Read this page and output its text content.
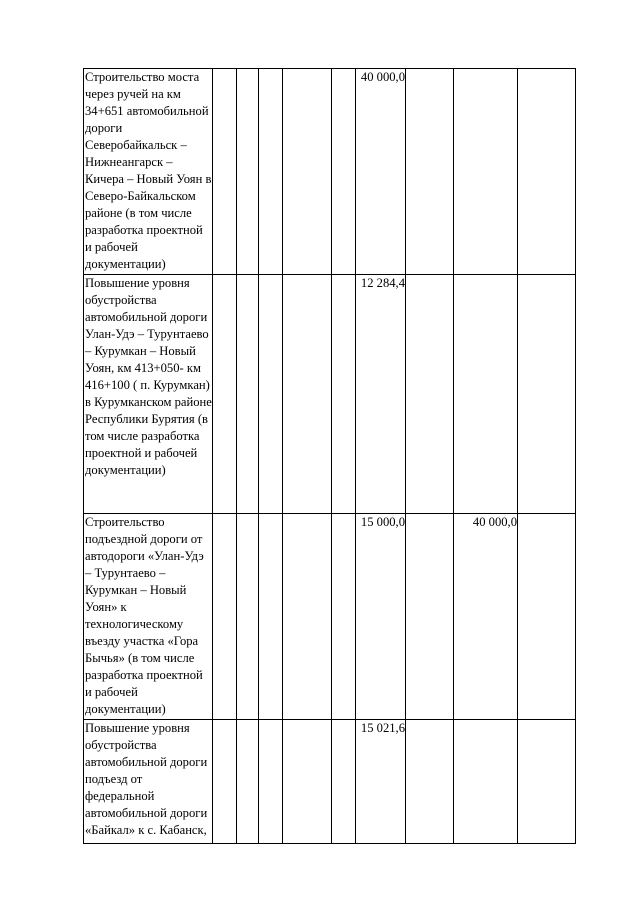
Строительство моста через ручей на км 34+651 автомобильной дороги Северобайкальск – Нижнеангарск – Кичера – Новый Уоян в Северо-Байкальском районе (в том числе разработка проектной и рабочей документации)						40 000,0			
Повышение уровня обустройства автомобильной дороги Улан-Удэ – Турунтаево – Курумкан – Новый Уоян, км 413+050- км 416+100 ( п. Курумкан) в Курумканском районе Республики Бурятия (в том числе разработка проектной и рабочей документации)						12 284,4			
Строительство подъездной дороги от автодороги «Улан-Удэ – Турунтаево – Курумкан – Новый Уоян» к технологическому въезду участка «Гора Бычья» (в том числе разработка проектной и рабочей документации)						15 000,0		40 000,0	
Повышение уровня обустройства автомобильной дороги подъезд от федеральной автомобильной дороги «Байкал» к с. Кабанск,						15 021,6			
